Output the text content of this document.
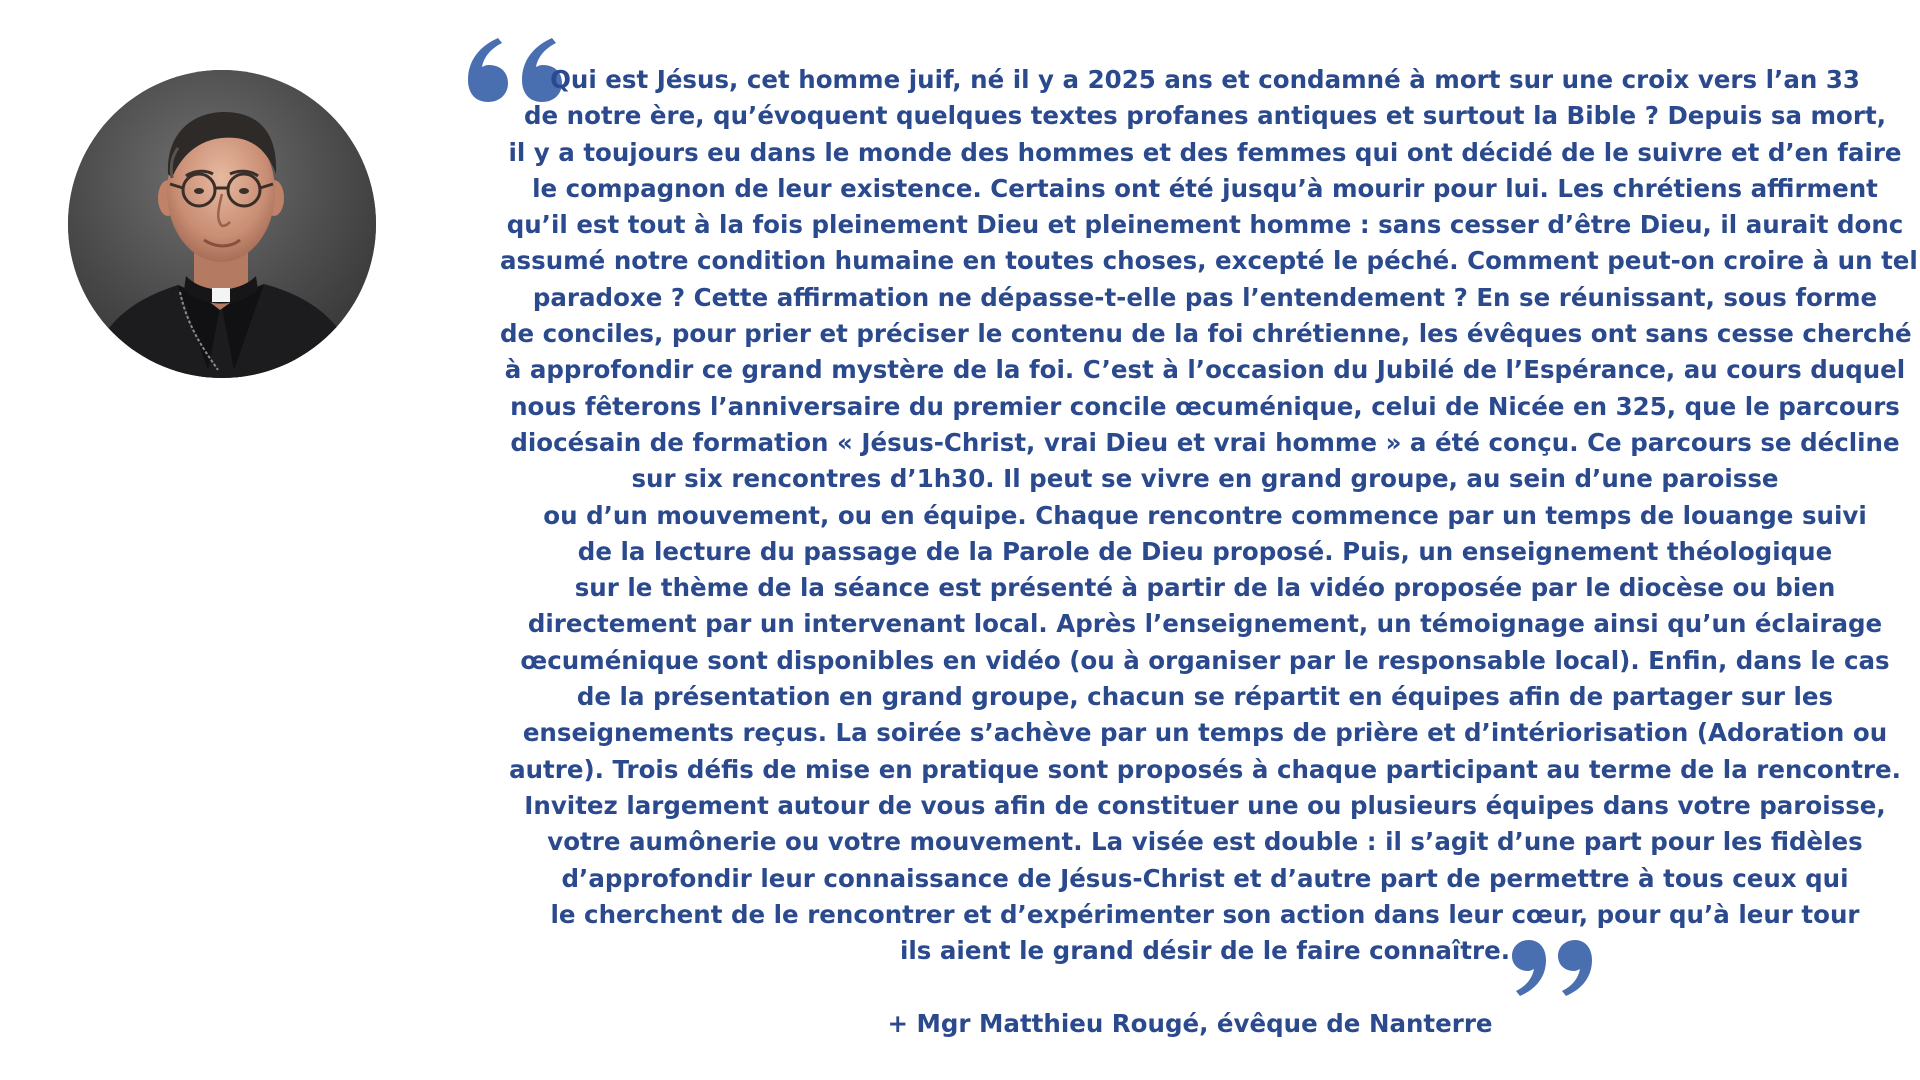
Qui est Jésus, cet homme juif, né il y a 2025 ans et condamné à mort sur une croix vers l’an 33
de notre ère, qu’évoquent quelques textes profanes antiques et surtout la Bible ? Depuis sa mort,
il y a toujours eu dans le monde des hommes et des femmes qui ont décidé de le suivre et d’en faire
le compagnon de leur existence. Certains ont été jusqu’à mourir pour lui. Les chrétiens affirment
qu’il est tout à la fois pleinement Dieu et pleinement homme : sans cesser d’être Dieu, il aurait donc
assumé notre condition humaine en toutes choses, excepté le péché. Comment peut-on croire à un tel
paradoxe ? Cette affirmation ne dépasse-t-elle pas l’entendement ? En se réunissant, sous forme
de conciles, pour prier et préciser le contenu de la foi chrétienne, les évêques ont sans cesse cherché
à approfondir ce grand mystère de la foi. C’est à l’occasion du Jubilé de l’Espérance, au cours duquel
nous fêterons l’anniversaire du premier concile œcuménique, celui de Nicée en 325, que le parcours
diocésain de formation « Jésus-Christ, vrai Dieu et vrai homme » a été conçu. Ce parcours se décline
sur six rencontres d’1h30. Il peut se vivre en grand groupe, au sein d’une paroisse
ou d’un mouvement, ou en équipe. Chaque rencontre commence par un temps de louange suivi
de la lecture du passage de la Parole de Dieu proposé. Puis, un enseignement théologique
sur le thème de la séance est présenté à partir de la vidéo proposée par le diocèse ou bien
directement par un intervenant local. Après l’enseignement, un témoignage ainsi qu’un éclairage
œcuménique sont disponibles en vidéo (ou à organiser par le responsable local). Enfin, dans le cas
de la présentation en grand groupe, chacun se répartit en équipes afin de partager sur les
enseignements reçus. La soirée s’achève par un temps de prière et d’intériorisation (Adoration ou
autre). Trois défis de mise en pratique sont proposés à chaque participant au terme de la rencontre.
Invitez largement autour de vous afin de constituer une ou plusieurs équipes dans votre paroisse,
votre aumônerie ou votre mouvement. La visée est double : il s’agit d’une part pour les fidèles
d’approfondir leur connaissance de Jésus-Christ et d’autre part de permettre à tous ceux qui
le cherchent de le rencontrer et d’expérimenter son action dans leur cœur, pour qu’à leur tour
ils aient le grand désir de le faire connaître.

+ Mgr Matthieu Rougé, évêque de Nanterre
